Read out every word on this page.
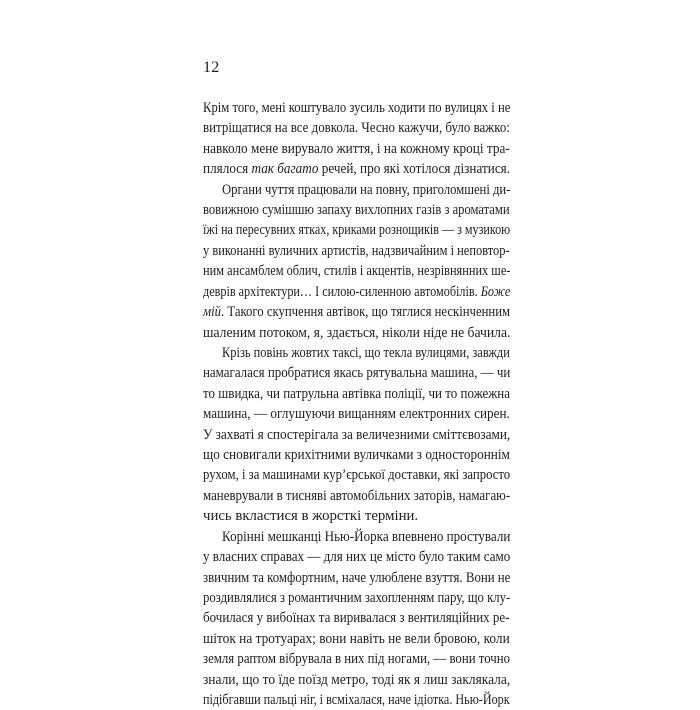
12
Крім того, мені коштувало зусиль ходити по вулицях і не
витріщатися на все довкола. Чесно кажучи, було важко:
навколо мене вирувало життя, і на кожному кроці тра-
плялося так багато речей, про які хотілося дізнатися.
Органи чуття працювали на повну, приголомшені ди-
вовижною сумішшю запаху вихлопних газів з ароматами
їжі на пересувних ятках, криками рознощиків — з музикою
у виконанні вуличних артистів, надзвичайним і неповтор-
ним ансамблем облич, стилів і акцентів, незрівнянних ше-
деврів архітектури… І силою-силенною автомобілів. Боже
мій. Такого скупчення автівок, що тяглися нескінченним
шаленим потоком, я, здається, ніколи ніде не бачила.
Крізь повінь жовтих таксі, що текла вулицями, завжди
намагалася пробратися якась рятувальна машина, — чи
то швидка, чи патрульна автівка поліції, чи то пожежна
машина, — оглушуючи вищанням електронних сирен.
У захваті я спостерігала за величезними сміттєвозами,
що сновигали крихітними вуличками з одностороннім
рухом, і за машинами кур’єрської доставки, які запросто
маневрували в тисняві автомобільних заторів, намагаю-
чись вкластися в жорсткі терміни.
Корінні мешканці Нью-Йорка впевнено простували
у власних справах — для них це місто було таким само
звичним та комфортним, наче улюблене взуття. Вони не
роздивлялися з романтичним захопленням пару, що клу-
бочилася у вибоїнах та виривалася з вентиляційних ре-
шіток на тротуарах; вони навіть не вели бровою, коли
земля раптом вібрувала в них під ногами, — вони точно
знали, що то їде поїзд метро, тоді як я лиш заклякала,
підібгавши пальці ніг, і всміхалася, наче ідіотка. Нью-Йорк
